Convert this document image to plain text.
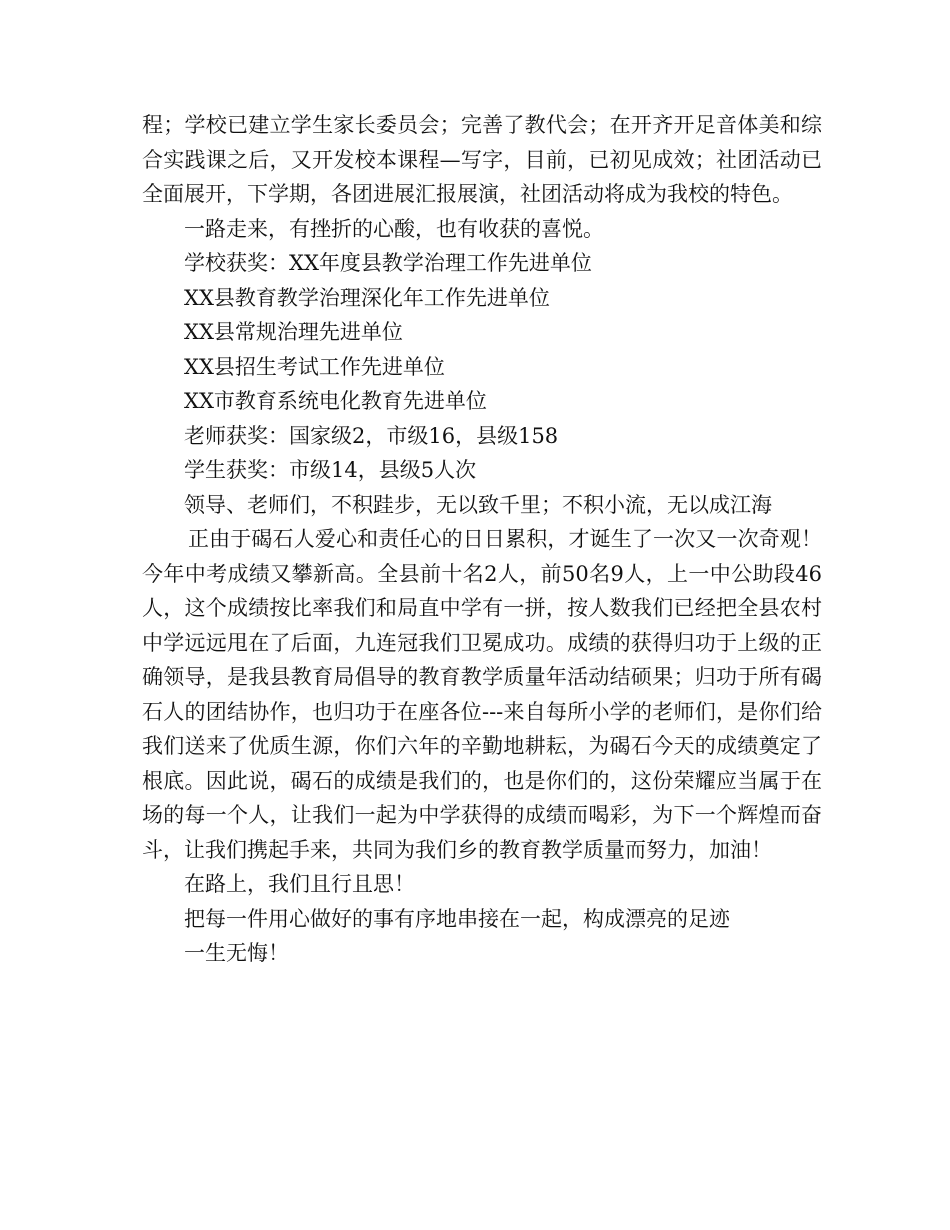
程；学校已建立学生家长委员会；完善了教代会；在开齐开足音体美和综合实践课之后，又开发校本课程—写字，目前，已初见成效；社团活动已全面展开，下学期，各团进展汇报展演，社团活动将成为我校的特色。

一路走来，有挫折的心酸，也有收获的喜悦。

学校获奖：XX年度县教学治理工作先进单位

XX县教育教学治理深化年工作先进单位

XX县常规治理先进单位

XX县招生考试工作先进单位

XX市教育系统电化教育先进单位

老师获奖：国家级2，市级16，县级158

学生获奖：市级14，县级5人次

领导、老师们，不积跬步，无以致千里；不积小流，无以成江海

正由于碣石人爱心和责任心的日日累积，才诞生了一次又一次奇观！今年中考成绩又攀新高。全县前十名2人，前50名9人，上一中公助段46人，这个成绩按比率我们和局直中学有一拼，按人数我们已经把全县农村中学远远甩在了后面，九连冠我们卫冕成功。成绩的获得归功于上级的正确领导，是我县教育局倡导的教育教学质量年活动结硕果；归功于所有碣石人的团结协作，也归功于在座各位---来自每所小学的老师们，是你们给我们送来了优质生源，你们六年的辛勤地耕耘，为碣石今天的成绩奠定了根底。因此说，碣石的成绩是我们的，也是你们的，这份荣耀应当属于在场的每一个人，让我们一起为中学获得的成绩而喝彩，为下一个辉煌而奋斗，让我们携起手来，共同为我们乡的教育教学质量而努力，加油！

在路上，我们且行且思！

把每一件用心做好的事有序地串接在一起，构成漂亮的足迹

一生无悔！
